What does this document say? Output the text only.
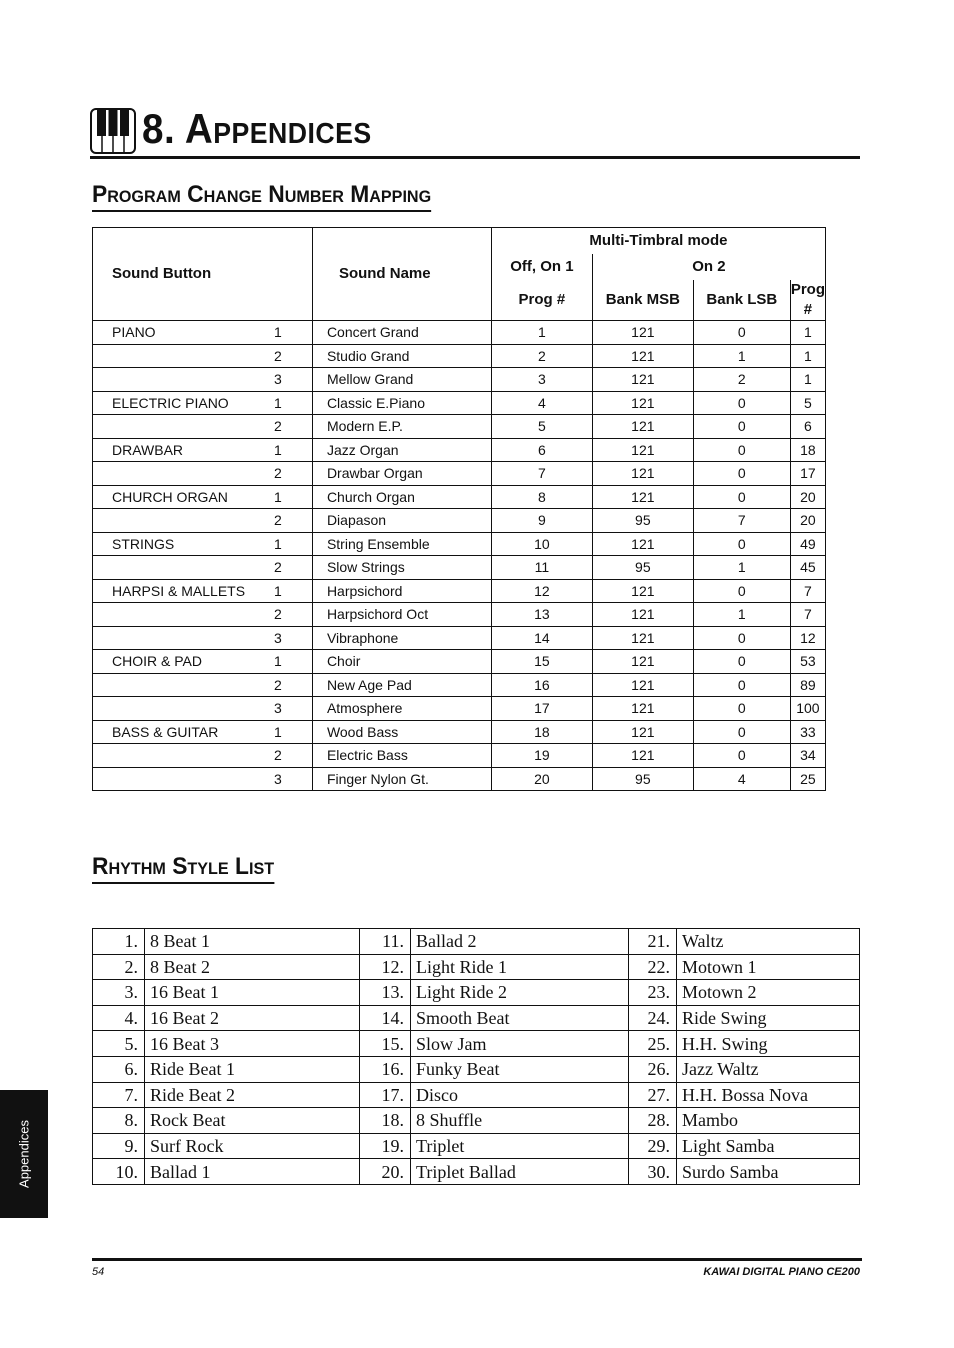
8. Appendices
Program Change Number Mapping
Sound Button		Sound Name	Multi-Timbral mode			
			Off, On 1	On 2		
			Prog #	Bank MSB	Bank LSB	Prog #
PIANO	1	Concert Grand	1	121	0	1
	2	Studio Grand	2	121	1	1
	3	Mellow Grand	3	121	2	1
ELECTRIC PIANO	1	Classic E.Piano	4	121	0	5
	2	Modern E.P.	5	121	0	6
DRAWBAR	1	Jazz Organ	6	121	0	18
	2	Drawbar Organ	7	121	0	17
CHURCH ORGAN	1	Church Organ	8	121	0	20
	2	Diapason	9	95	7	20
STRINGS	1	String Ensemble	10	121	0	49
	2	Slow Strings	11	95	1	45
HARPSI & MALLETS	1	Harpsichord	12	121	0	7
	2	Harpsichord Oct	13	121	1	7
	3	Vibraphone	14	121	0	12
CHOIR & PAD	1	Choir	15	121	0	53
	2	New Age Pad	16	121	0	89
	3	Atmosphere	17	121	0	100
BASS & GUITAR	1	Wood Bass	18	121	0	33
	2	Electric Bass	19	121	0	34
	3	Finger Nylon Gt.	20	95	4	25
Rhythm Style List
1.	8 Beat 1	11.	Ballad 2	21.	Waltz
2.	8 Beat 2	12.	Light Ride 1	22.	Motown 1
3.	16 Beat 1	13.	Light Ride 2	23.	Motown 2
4.	16 Beat 2	14.	Smooth Beat	24.	Ride Swing
5.	16 Beat 3	15.	Slow Jam	25.	H.H. Swing
6.	Ride Beat 1	16.	Funky Beat	26.	Jazz Waltz
7.	Ride Beat 2	17.	Disco	27.	H.H. Bossa Nova
8.	Rock Beat	18.	8 Shuffle	28.	Mambo
9.	Surf Rock	19.	Triplet	29.	Light Samba
10.	Ballad 1	20.	Triplet Ballad	30.	Surdo Samba
Appendices
54	KAWAI DIGITAL PIANO CE200
